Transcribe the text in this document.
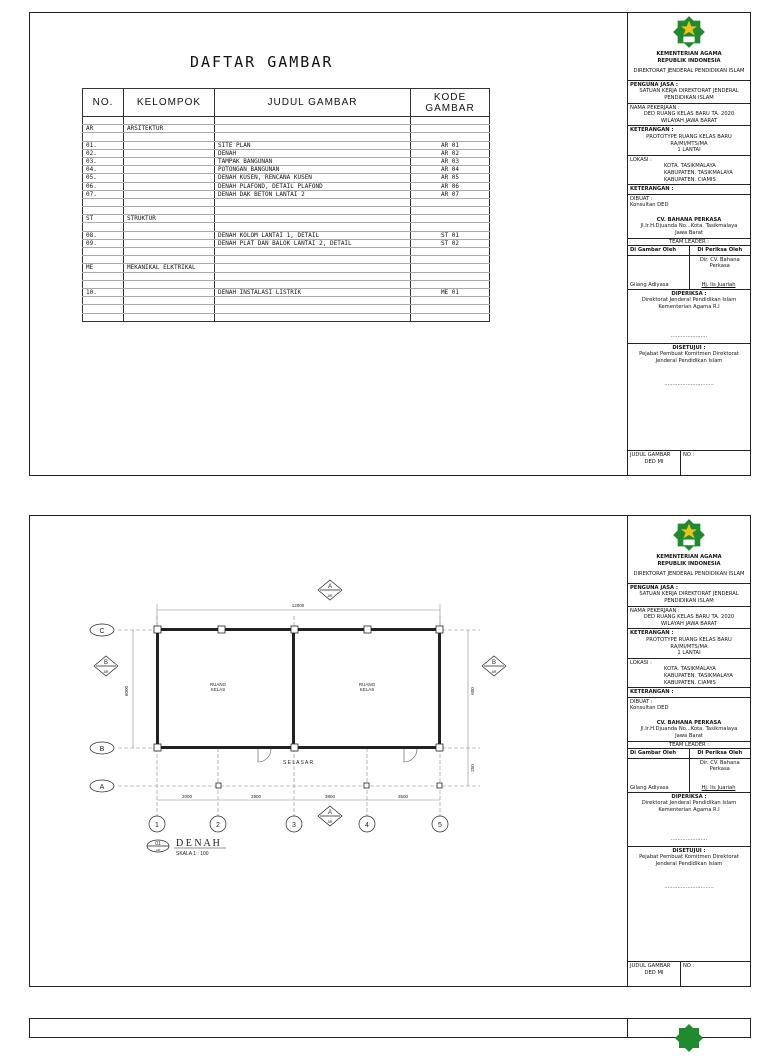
DAFTAR GAMBAR
NO.	KELOMPOK	JUDUL GAMBAR	KODE GAMBAR

AR	ARSITEKTUR		

01.		SITE PLAN	AR 01
02.		DENAH	AR 02
03.		TAMPAK BANGUNAN	AR 03
04.		POTONGAN BANGUNAN	AR 04
05.		DENAH KUSEN, RENCANA KUSEN	AR 05
06.		DENAH PLAFOND, DETAIL PLAFOND	AR 06
07.		DENAH DAK BETON LANTAI 2	AR 07

ST	STRUKTUR		

08.		DENAH KOLOM LANTAI 1, DETAIL	ST 01
09.		DENAH PLAT DAN BALOK LANTAI 2, DETAIL	ST 02

ME	MEKANIKAL ELKTRIKAL		

10.		DENAH INSTALASI LISTRIK	ME 01

KEMENTERIAN AGAMA
REPUBLIK INDONESIA
DIREKTORAT JENDERAL PENDIDIKAN ISLAM
PENGUNA JASA :
SATUAN KERJA DIREKTORAT JENDERAL PENDIDIKAN ISLAM
NAMA PEKERJAAN :
DED RUANG KELAS BARU TA. 2020
WILAYAH JAWA BARAT
KETERANGAN :
PROTOTYPE RUANG KELAS BARU
RA/MI/MTS/MA
1 LANTAI
LOKASI :
KOTA. TASIKMALAYA
KABUPATEN. TASIKMALAYA
KABUPATEN. CIAMIS
KETERANGAN :
DIBUAT :
Konsultan DED
CV. BAHANA PERKASA
Jl.Ir.H.Djuanda No...Kota. Tasikmalaya
Jawa Barat
TEAM LEADER :
Di Gambar Oleh	Di Periksa Oleh
Gilang Adiyasa
Dir. CV. Bahana Perkasa
Hj. Iis Juariah
DIPERIKSA :
Direktorat Jenderal Pendidikan Islam
Kementerian Agama R.I
......................
DISETUJUI :
Pejabat Pembuat Komitmen Direktorat Jenderal Pendidikan Islam
..............................
JUDUL GAMBAR
DED MI
NO :
RUANG
KELAS
RUANG
KELAS
S E L A S A R
12000
2000	2900	3800	3500
6000	600
250
C
B
A
1	2	3	4	5
A
AR
A
AR
B
AR
B
AR
01
AR
D E N A H
SKALA 1 : 100
KEMENTERIAN AGAMA
REPUBLIK INDONESIA
DIREKTORAT JENDERAL PENDIDIKAN ISLAM
PENGUNA JASA :
SATUAN KERJA DIREKTORAT JENDERAL PENDIDIKAN ISLAM
NAMA PEKERJAAN :
DED RUANG KELAS BARU TA. 2020
WILAYAH JAWA BARAT
KETERANGAN :
PROTOTYPE RUANG KELAS BARU
RA/MI/MTS/MA
1 LANTAI
LOKASI :
KOTA. TASIKMALAYA
KABUPATEN. TASIKMALAYA
KABUPATEN. CIAMIS
KETERANGAN :
DIBUAT :
Konsultan DED
CV. BAHANA PERKASA
Jl.Ir.H.Djuanda No...Kota. Tasikmalaya
Jawa Barat
TEAM LEADER :
Di Gambar Oleh	Di Periksa Oleh
Gilang Adiyasa
Dir. CV. Bahana Perkasa
Hj. Iis Juariah
DIPERIKSA :
Direktorat Jenderal Pendidikan Islam
Kementerian Agama R.I
......................
DISETUJUI :
Pejabat Pembuat Komitmen Direktorat Jenderal Pendidikan Islam
..............................
JUDUL GAMBAR
DED MI
NO :
